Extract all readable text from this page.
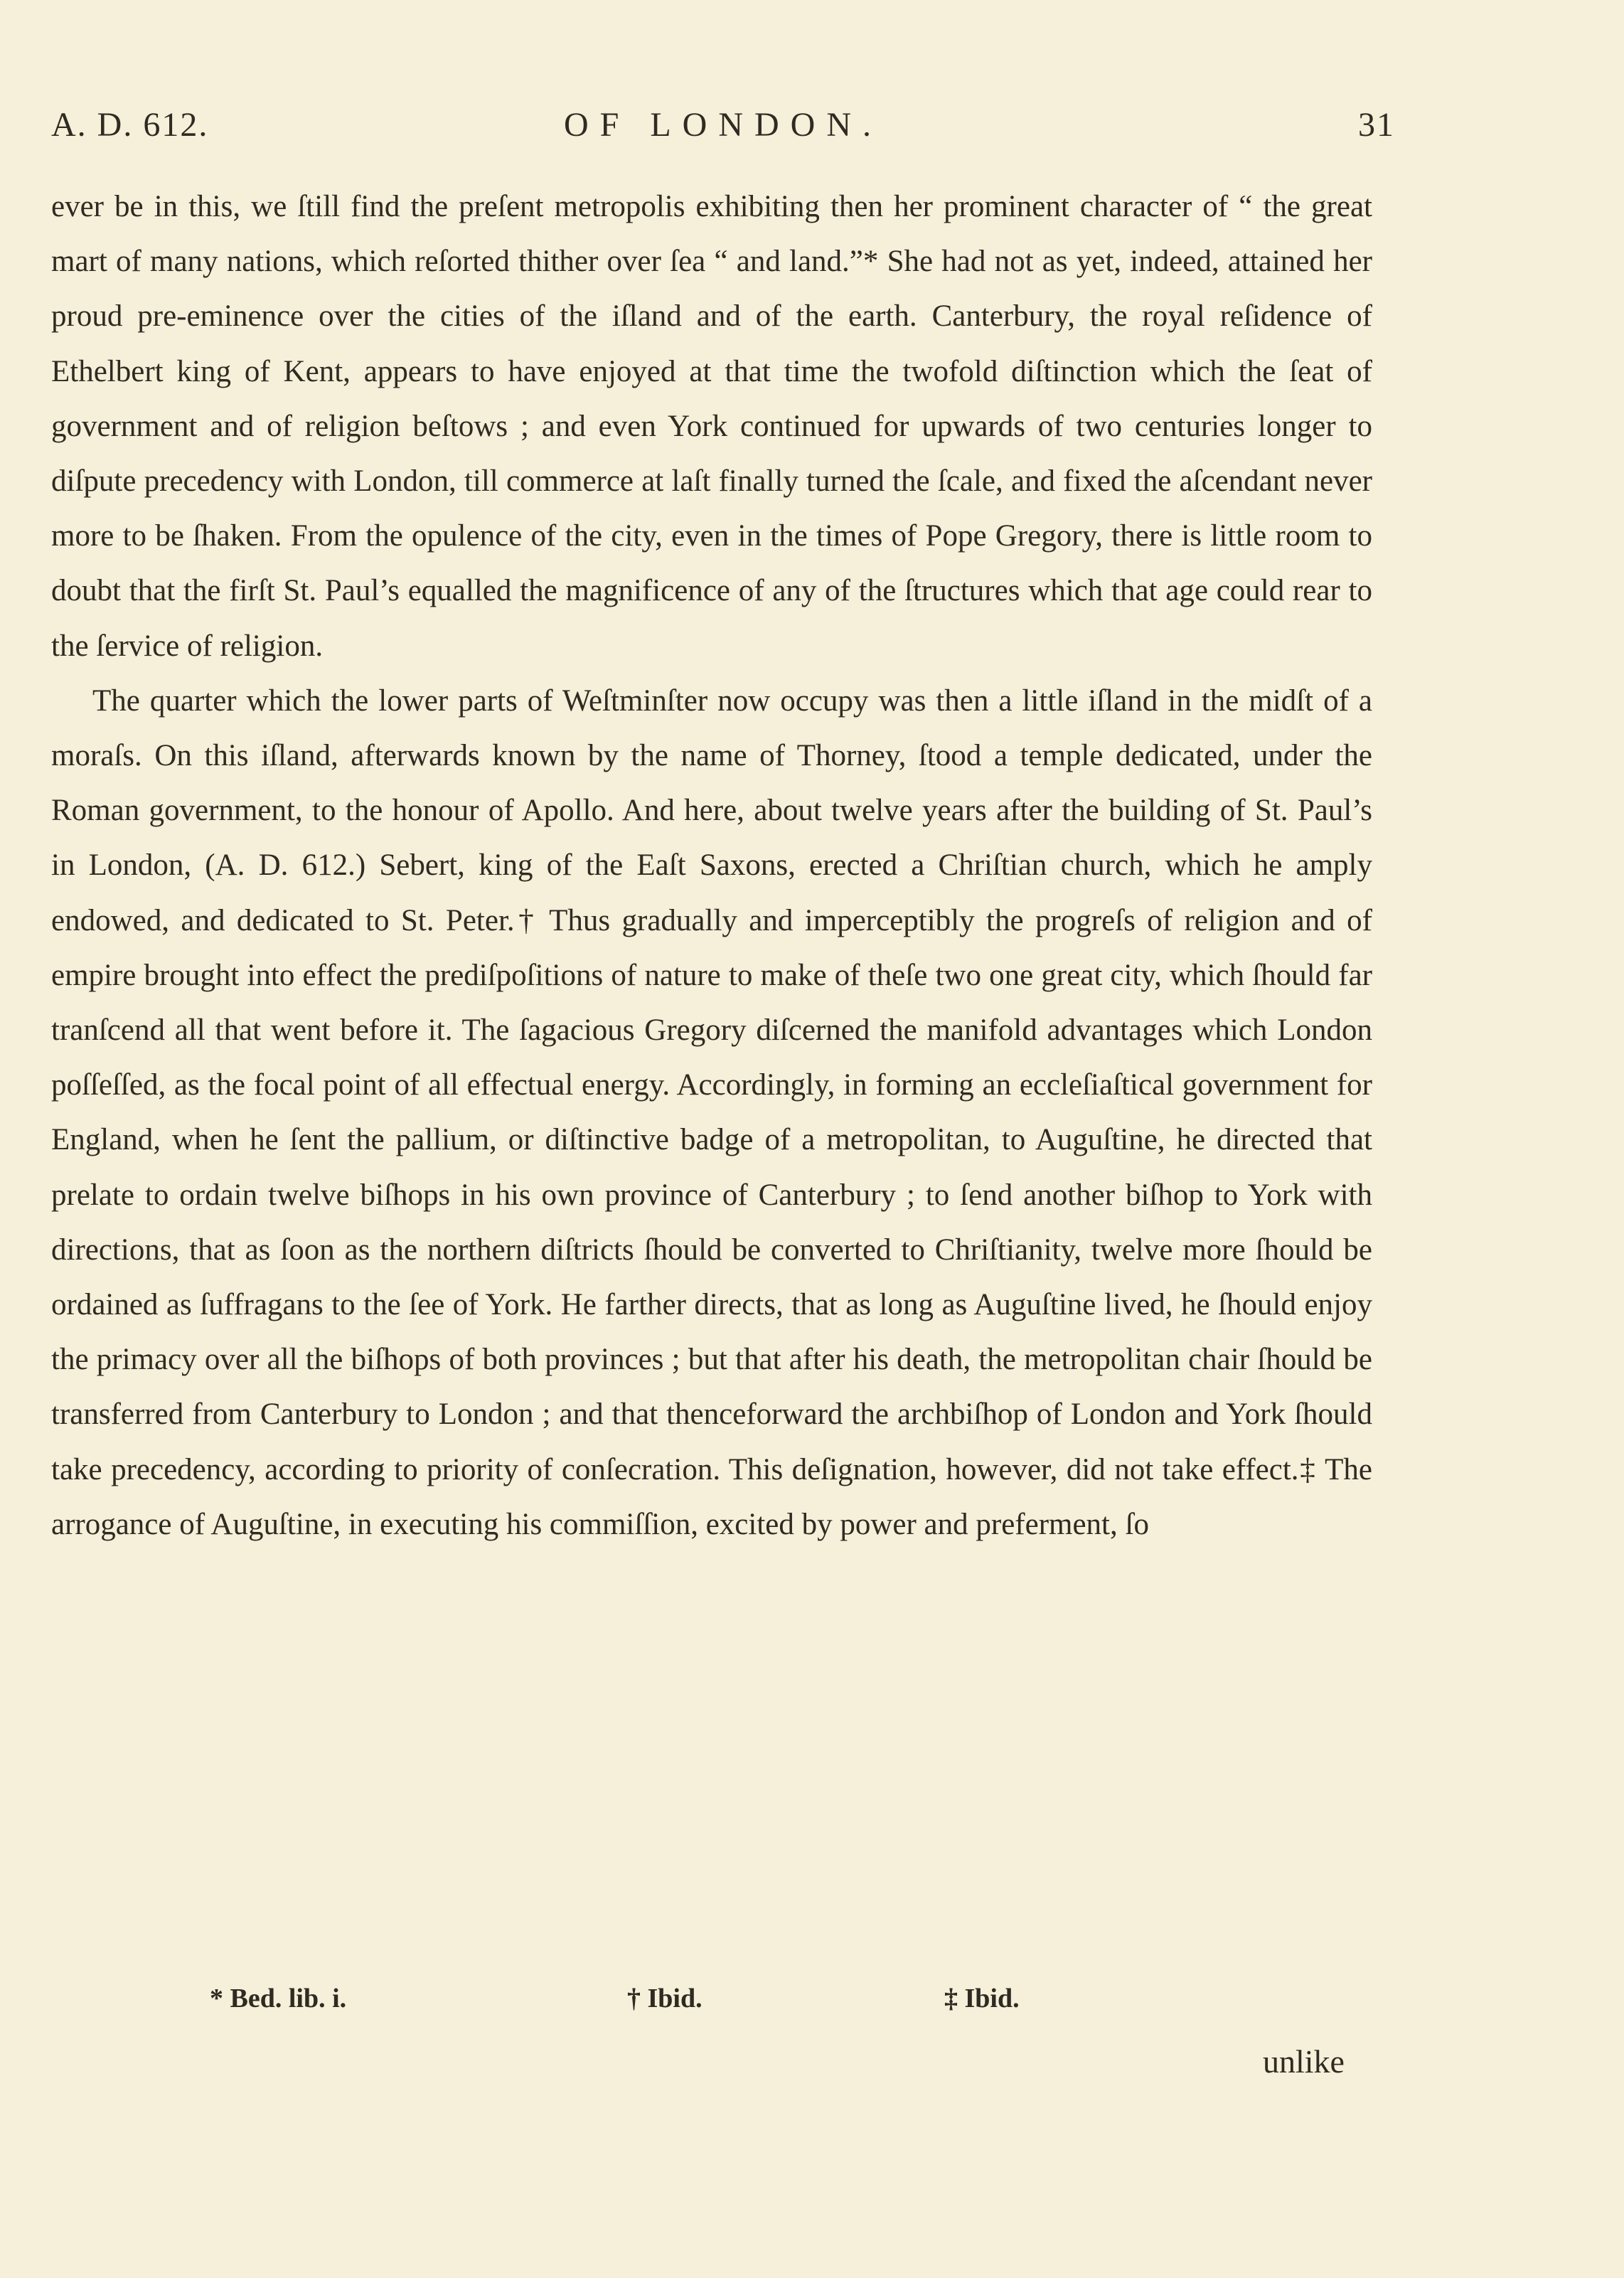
A. D. 612.	OF LONDON.	31

ever be in this, we ſtill find the preſent metropolis exhibiting then her prominent character of “ the great mart of many nations, which reſorted thither over ſea “ and land.”* She had not as yet, indeed, attained her proud pre-eminence over the cities of the iſland and of the earth. Canterbury, the royal reſidence of Ethelbert king of Kent, appears to have enjoyed at that time the twofold diſtinction which the ſeat of government and of religion beſtows ; and even York continued for upwards of two centuries longer to diſpute precedency with London, till commerce at laſt finally turned the ſcale, and fixed the aſcendant never more to be ſhaken. From the opulence of the city, even in the times of Pope Gregory, there is little room to doubt that the firſt St. Paul’s equalled the magnificence of any of the ſtructures which that age could rear to the ſervice of religion.

The quarter which the lower parts of Weſtminſter now occupy was then a little iſland in the midſt of a moraſs. On this iſland, afterwards known by the name of Thorney, ſtood a temple dedicated, under the Roman government, to the honour of Apollo. And here, about twelve years after the building of St. Paul’s in London, (A. D. 612.) Sebert, king of the Eaſt Saxons, erected a Chriſtian church, which he amply endowed, and dedicated to St. Peter.† Thus gradually and imperceptibly the progreſs of religion and of empire brought into effect the prediſpoſitions of nature to make of theſe two one great city, which ſhould far tranſcend all that went before it. The ſagacious Gregory diſcerned the manifold advantages which London poſſeſſed, as the focal point of all effectual energy. Accordingly, in forming an eccleſiaſtical government for England, when he ſent the pallium, or diſtinctive badge of a metropolitan, to Auguſtine, he directed that prelate to ordain twelve biſhops in his own province of Canterbury ; to ſend another biſhop to York with directions, that as ſoon as the northern diſtricts ſhould be converted to Chriſtianity, twelve more ſhould be ordained as ſuffragans to the ſee of York. He farther directs, that as long as Auguſtine lived, he ſhould enjoy the primacy over all the biſhops of both provinces ; but that after his death, the metropolitan chair ſhould be transferred from Canterbury to London ; and that thenceforward the archbiſhop of London and York ſhould take precedency, according to priority of conſecration. This deſignation, however, did not take effect.‡ The arrogance of Auguſtine, in executing his commiſſion, excited by power and preferment, ſo

* Bed. lib. i.	† Ibid.	‡ Ibid.
unlike
